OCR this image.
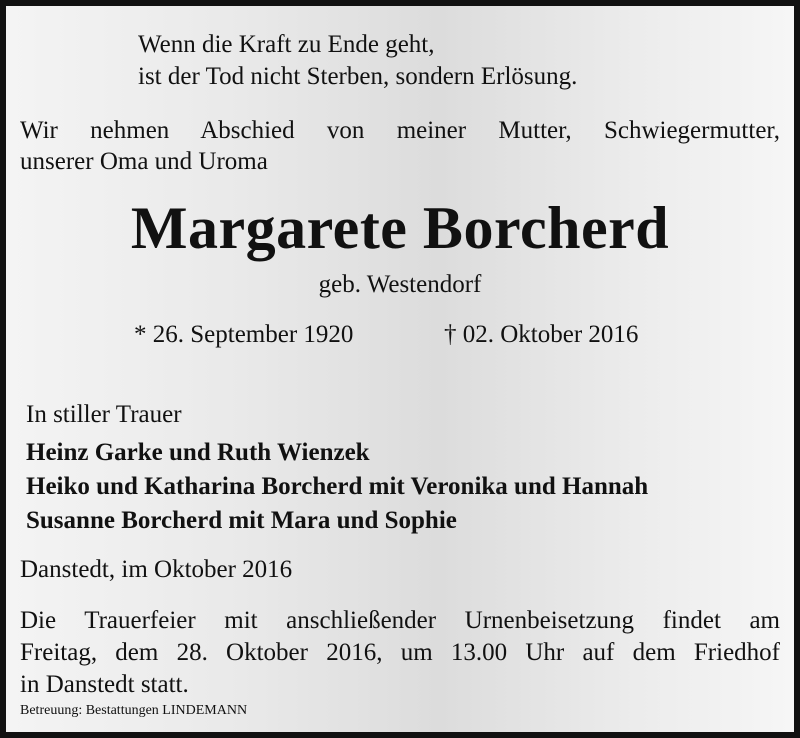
Wenn die Kraft zu Ende geht,

ist der Tod nicht Sterben, sondern Erlösung.

Wir nehmen Abschied von meiner Mutter, Schwiegermutter,

unserer Oma und Uroma

Margarete Borcherd

geb. Westendorf

* 26. September 1920	† 02. Oktober 2016

In stiller Trauer

Heinz Garke und Ruth Wienzek

Heiko und Katharina Borcherd mit Veronika und Hannah

Susanne Borcherd mit Mara und Sophie

Danstedt, im Oktober 2016

Die Trauerfeier mit anschließender Urnenbeisetzung findet am

Freitag, dem 28. Oktober 2016, um 13.00 Uhr auf dem Friedhof

in Danstedt statt.

Betreuung: Bestattungen LINDEMANN
